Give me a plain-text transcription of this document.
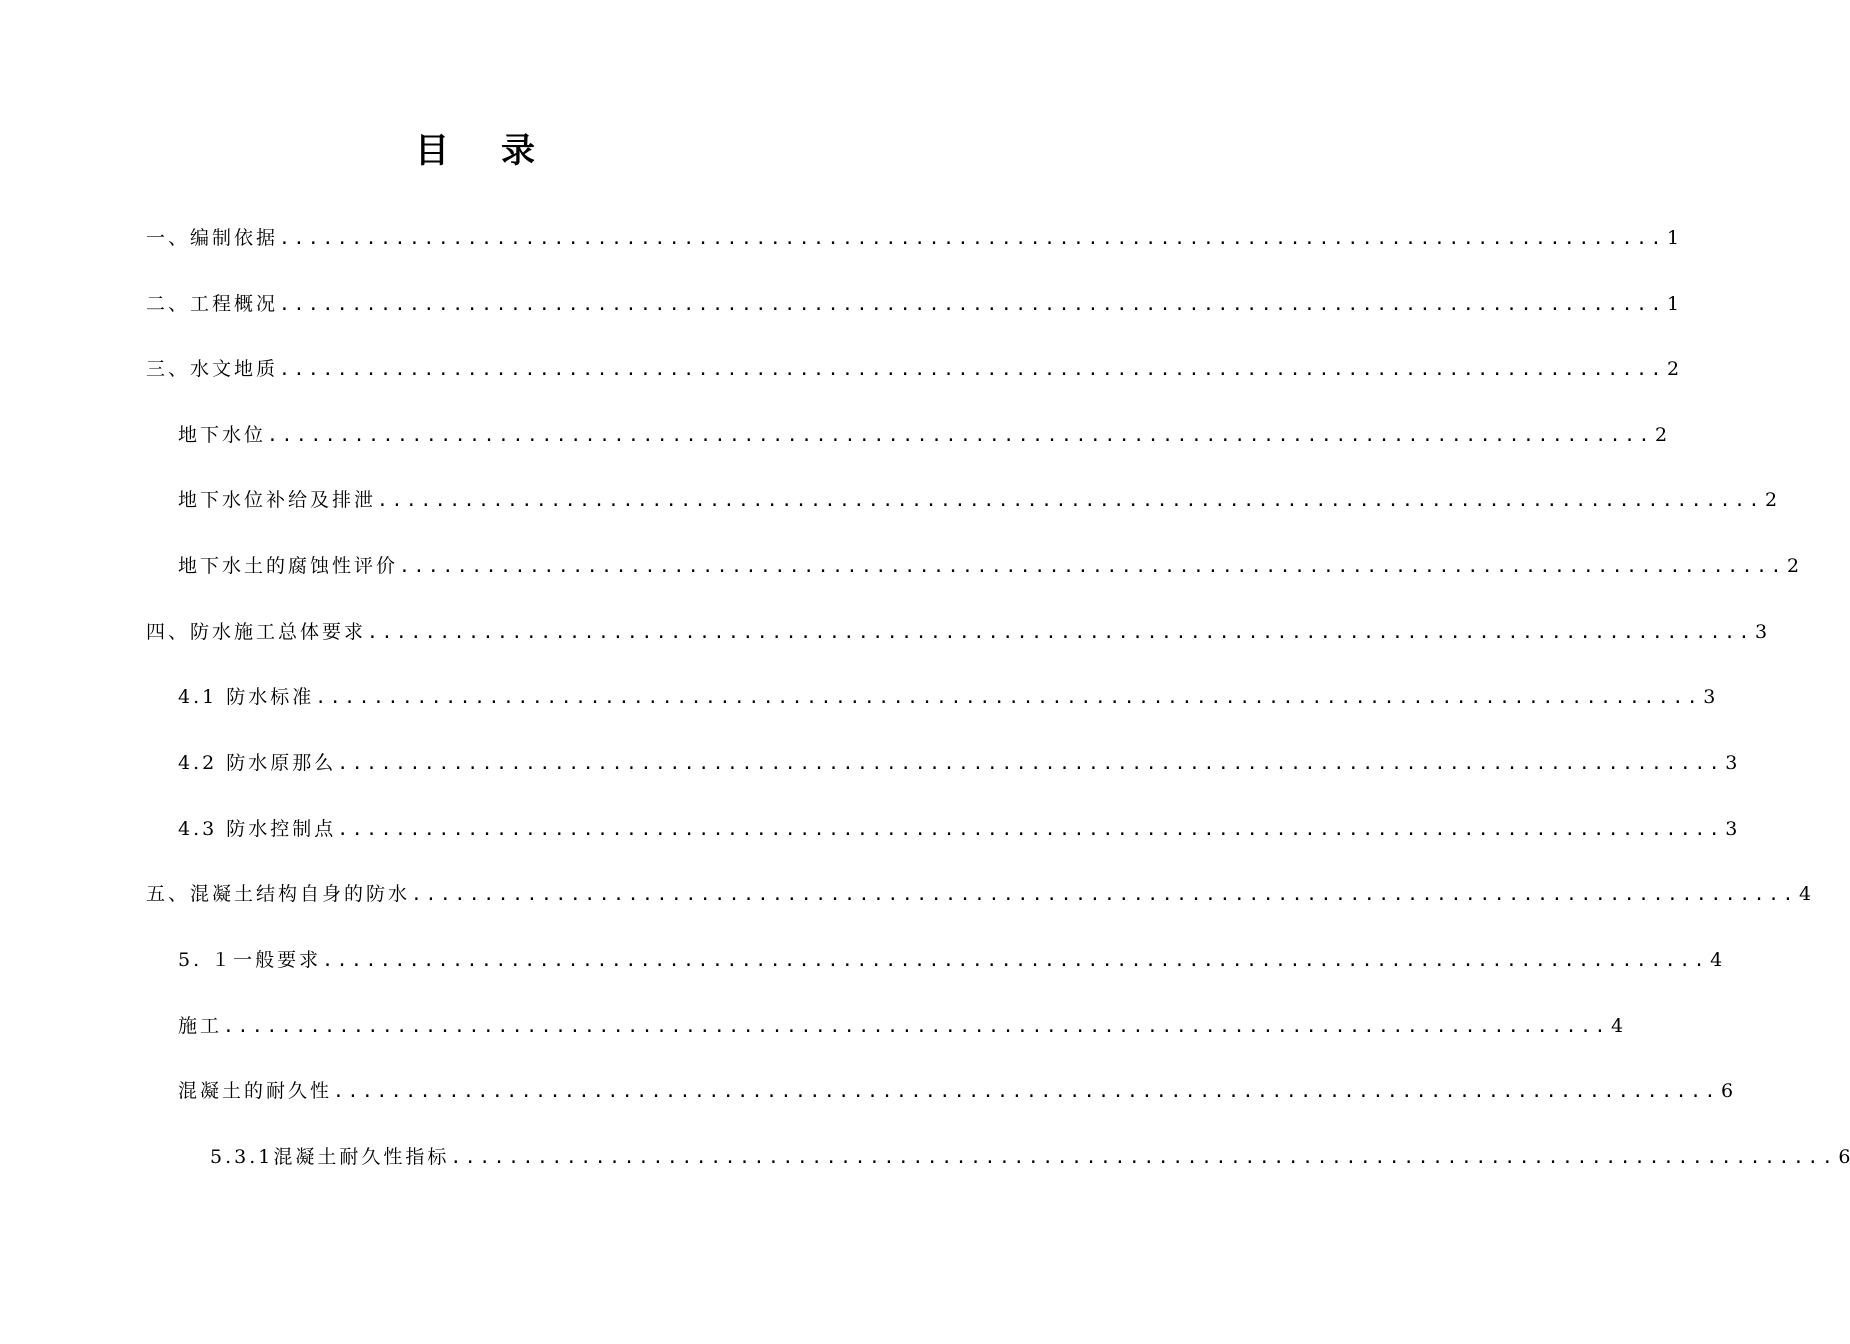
目录
一、编制依据 ................................................................................................ 1
二、工程概况 ................................................................................................ 1
三、水文地质 ................................................................................................ 2
地下水位 ................................................................................................ 2
地下水位补给及排泄 ................................................................................................ 2
地下水土的腐蚀性评价 ................................................................................................ 2
四、防水施工总体要求 ................................................................................................ 3
4.1 防水标准 ................................................................................................ 3
4.2 防水原那么 ................................................................................................ 3
4.3 防水控制点 ................................................................................................ 3
五、混凝土结构自身的防水 ................................................................................................ 4
5. １一般要求 ................................................................................................ 4
施工 ................................................................................................ 4
混凝土的耐久性 ................................................................................................ 6
5.3.1混凝土耐久性指标 ................................................................................................ 6
